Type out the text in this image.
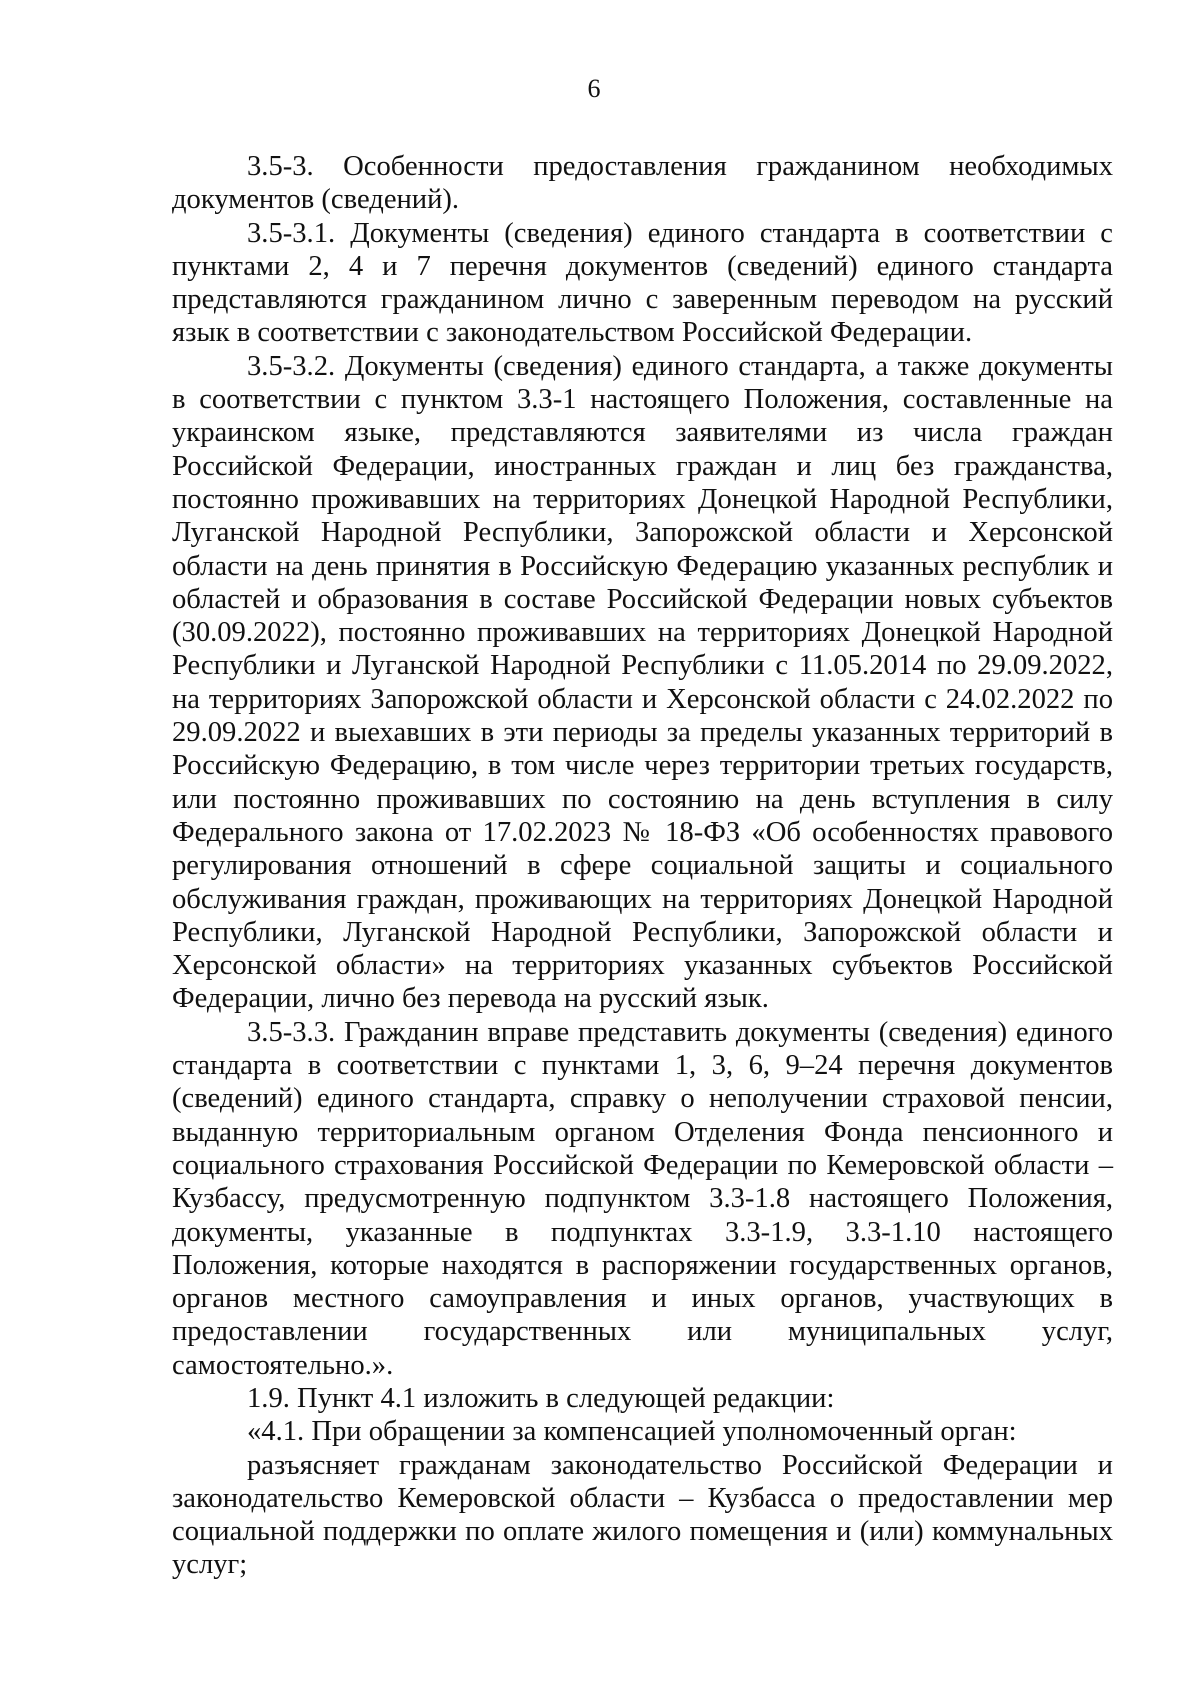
6

3.5-3. Особенности предоставления гражданином необходимых документов (сведений).

3.5-3.1. Документы (сведения) единого стандарта в соответствии с пунктами 2, 4 и 7 перечня документов (сведений) единого стандарта представляются гражданином лично с заверенным переводом на русский язык в соответствии с законодательством Российской Федерации.

3.5-3.2. Документы (сведения) единого стандарта, а также документы в соответствии с пунктом 3.3-1 настоящего Положения, составленные на украинском языке, представляются заявителями из числа граждан Российской Федерации, иностранных граждан и лиц без гражданства, постоянно проживавших на территориях Донецкой Народной Республики, Луганской Народной Республики, Запорожской области и Херсонской области на день принятия в Российскую Федерацию указанных республик и областей и образования в составе Российской Федерации новых субъектов (30.09.2022), постоянно проживавших на территориях Донецкой Народной Республики и Луганской Народной Республики с 11.05.2014 по 29.09.2022, на территориях Запорожской области и Херсонской области с 24.02.2022 по 29.09.2022 и выехавших в эти периоды за пределы указанных территорий в Российскую Федерацию, в том числе через территории третьих государств, или постоянно проживавших по состоянию на день вступления в силу Федерального закона от 17.02.2023 № 18-ФЗ «Об особенностях правового регулирования отношений в сфере социальной защиты и социального обслуживания граждан, проживающих на территориях Донецкой Народной Республики, Луганской Народной Республики, Запорожской области и Херсонской области» на территориях указанных субъектов Российской Федерации, лично без перевода на русский язык.

3.5-3.3. Гражданин вправе представить документы (сведения) единого стандарта в соответствии с пунктами 1, 3, 6, 9–24 перечня документов (сведений) единого стандарта, справку о неполучении страховой пенсии, выданную территориальным органом Отделения Фонда пенсионного и социального страхования Российской Федерации по Кемеровской области – Кузбассу, предусмотренную подпунктом 3.3-1.8 настоящего Положения, документы, указанные в подпунктах 3.3-1.9, 3.3-1.10 настоящего Положения, которые находятся в распоряжении государственных органов, органов местного самоуправления и иных органов, участвующих в предоставлении государственных или муниципальных услуг, самостоятельно.».

1.9. Пункт 4.1 изложить в следующей редакции:

«4.1. При обращении за компенсацией уполномоченный орган:

разъясняет гражданам законодательство Российской Федерации и законодательство Кемеровской области – Кузбасса о предоставлении мер социальной поддержки по оплате жилого помещения и (или) коммунальных услуг;
